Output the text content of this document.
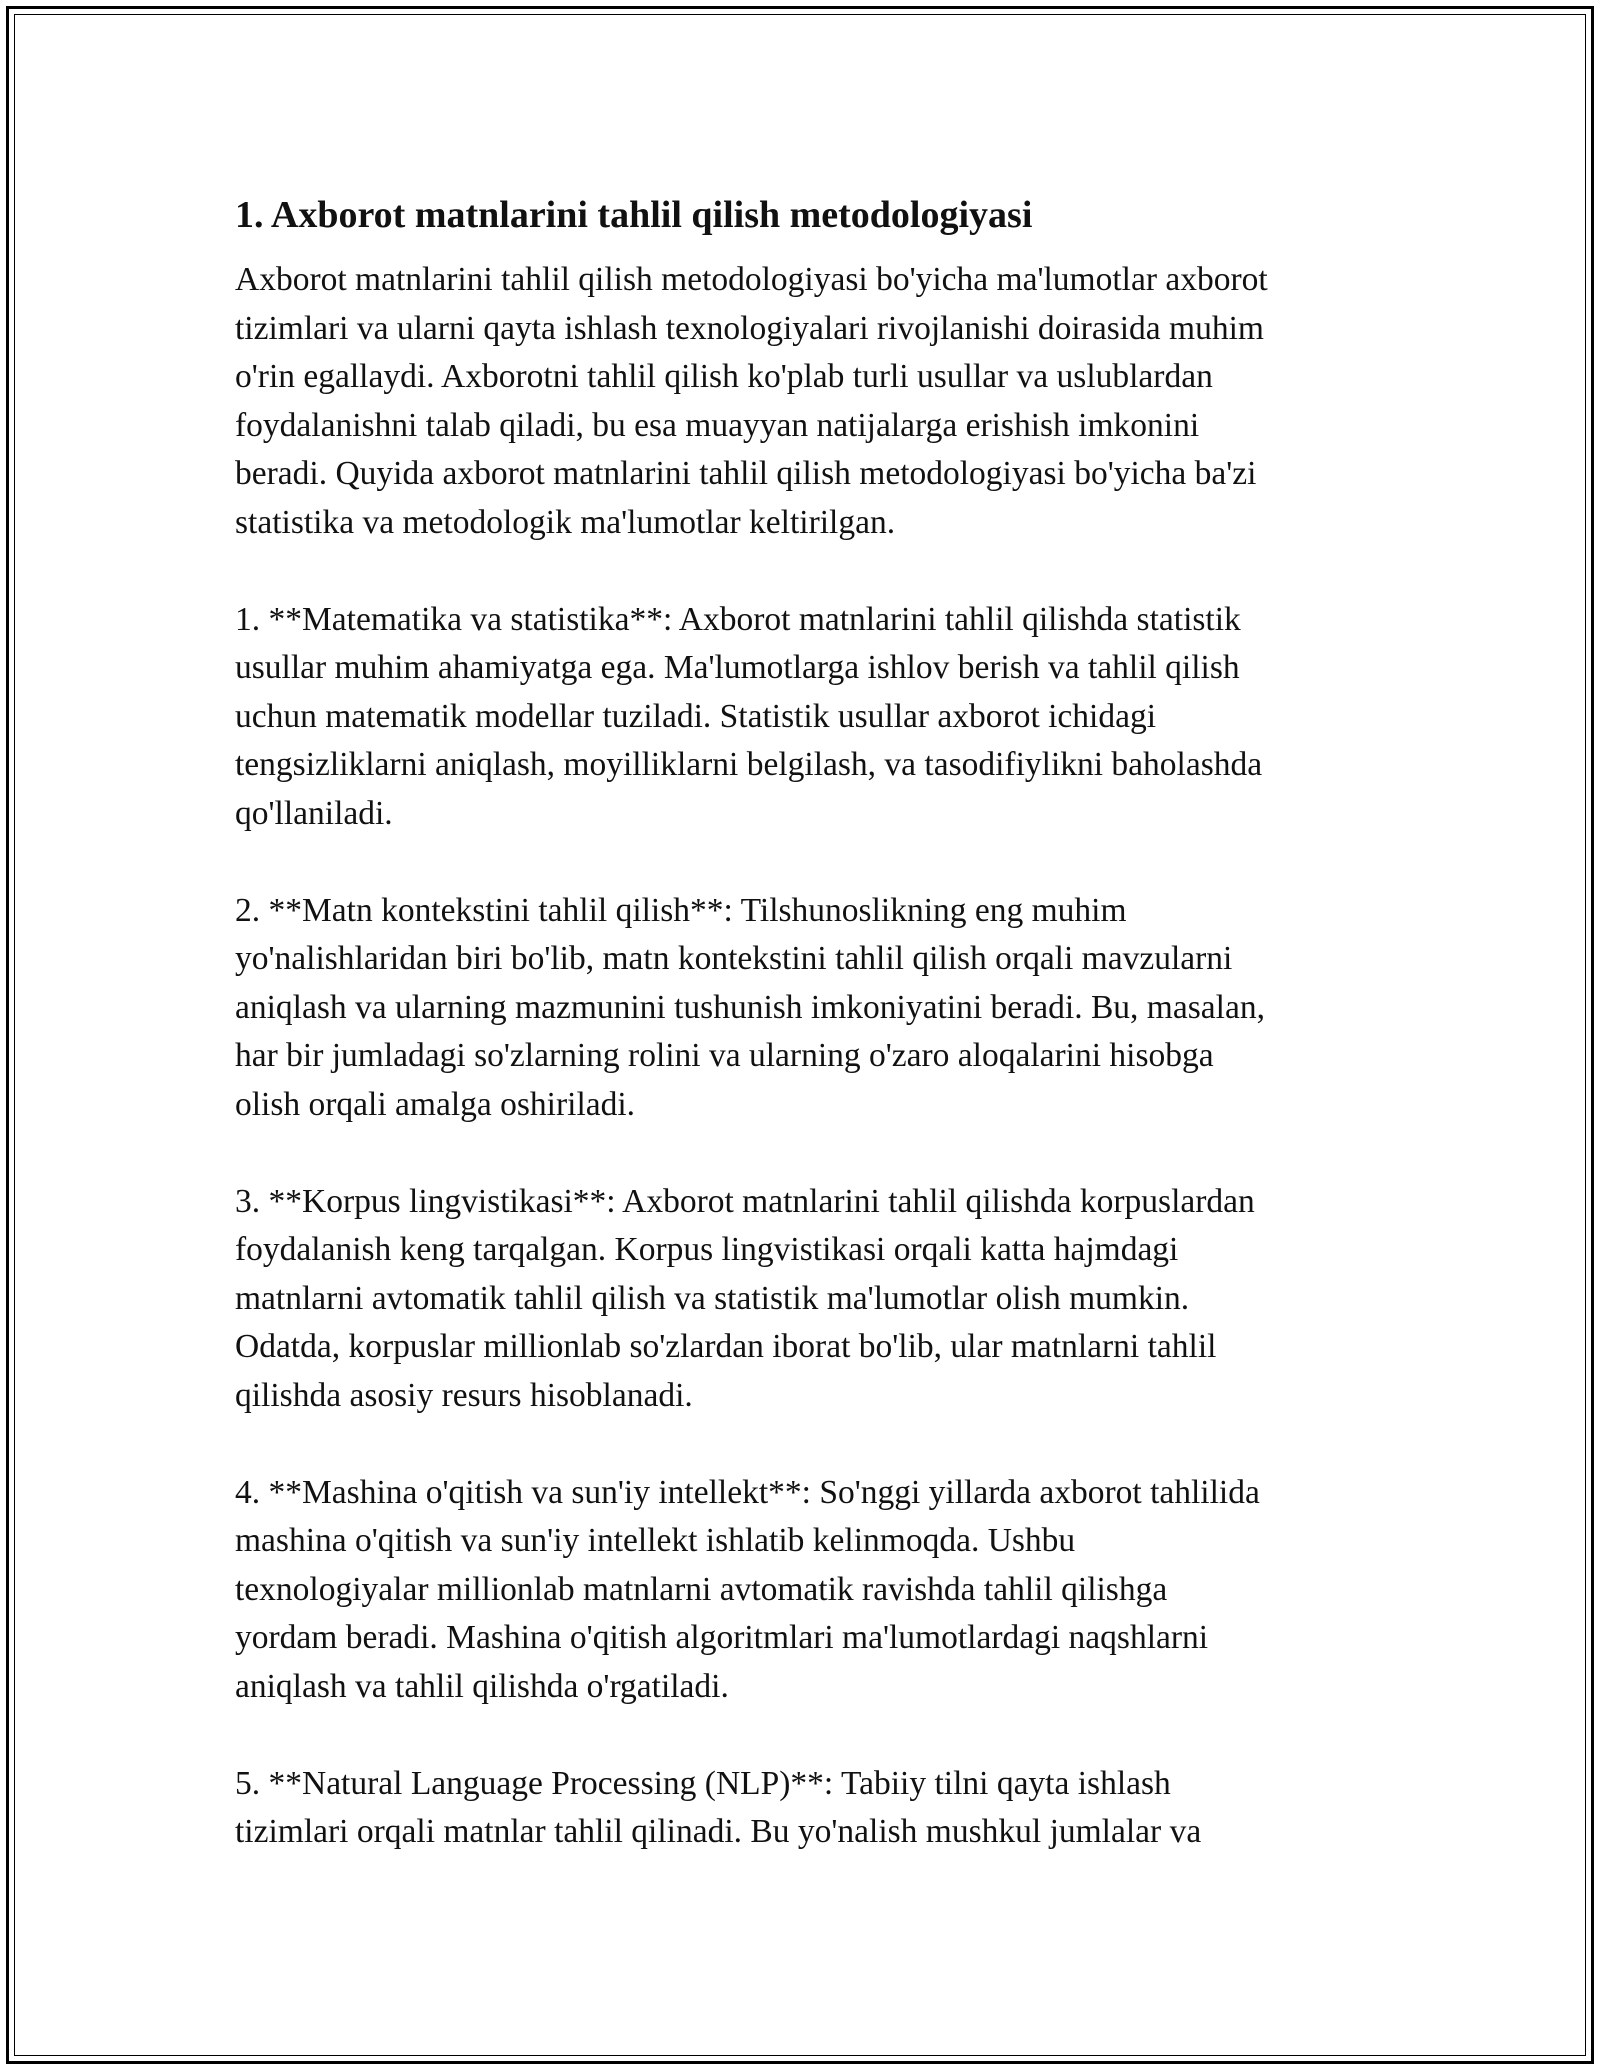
1. Axborot matnlarini tahlil qilish metodologiyasi
Axborot matnlarini tahlil qilish metodologiyasi bo'yicha ma'lumotlar axborot
tizimlari va ularni qayta ishlash texnologiyalari rivojlanishi doirasida muhim
o'rin egallaydi. Axborotni tahlil qilish ko'plab turli usullar va uslublardan
foydalanishni talab qiladi, bu esa muayyan natijalarga erishish imkonini
beradi. Quyida axborot matnlarini tahlil qilish metodologiyasi bo'yicha ba'zi
statistika va metodologik ma'lumotlar keltirilgan.
1. **Matematika va statistika**: Axborot matnlarini tahlil qilishda statistik
usullar muhim ahamiyatga ega. Ma'lumotlarga ishlov berish va tahlil qilish
uchun matematik modellar tuziladi. Statistik usullar axborot ichidagi
tengsizliklarni aniqlash, moyilliklarni belgilash, va tasodifiylikni baholashda
qo'llaniladi.
2. **Matn kontekstini tahlil qilish**: Tilshunoslikning eng muhim
yo'nalishlaridan biri bo'lib, matn kontekstini tahlil qilish orqali mavzularni
aniqlash va ularning mazmunini tushunish imkoniyatini beradi. Bu, masalan,
har bir jumladagi so'zlarning rolini va ularning o'zaro aloqalarini hisobga
olish orqali amalga oshiriladi.
3. **Korpus lingvistikasi**: Axborot matnlarini tahlil qilishda korpuslardan
foydalanish keng tarqalgan. Korpus lingvistikasi orqali katta hajmdagi
matnlarni avtomatik tahlil qilish va statistik ma'lumotlar olish mumkin.
Odatda, korpuslar millionlab so'zlardan iborat bo'lib, ular matnlarni tahlil
qilishda asosiy resurs hisoblanadi.
4. **Mashina o'qitish va sun'iy intellekt**: So'nggi yillarda axborot tahlilida
mashina o'qitish va sun'iy intellekt ishlatib kelinmoqda. Ushbu
texnologiyalar millionlab matnlarni avtomatik ravishda tahlil qilishga
yordam beradi. Mashina o'qitish algoritmlari ma'lumotlardagi naqshlarni
aniqlash va tahlil qilishda o'rgatiladi.
5. **Natural Language Processing (NLP)**: Tabiiy tilni qayta ishlash
tizimlari orqali matnlar tahlil qilinadi. Bu yo'nalish mushkul jumlalar va
